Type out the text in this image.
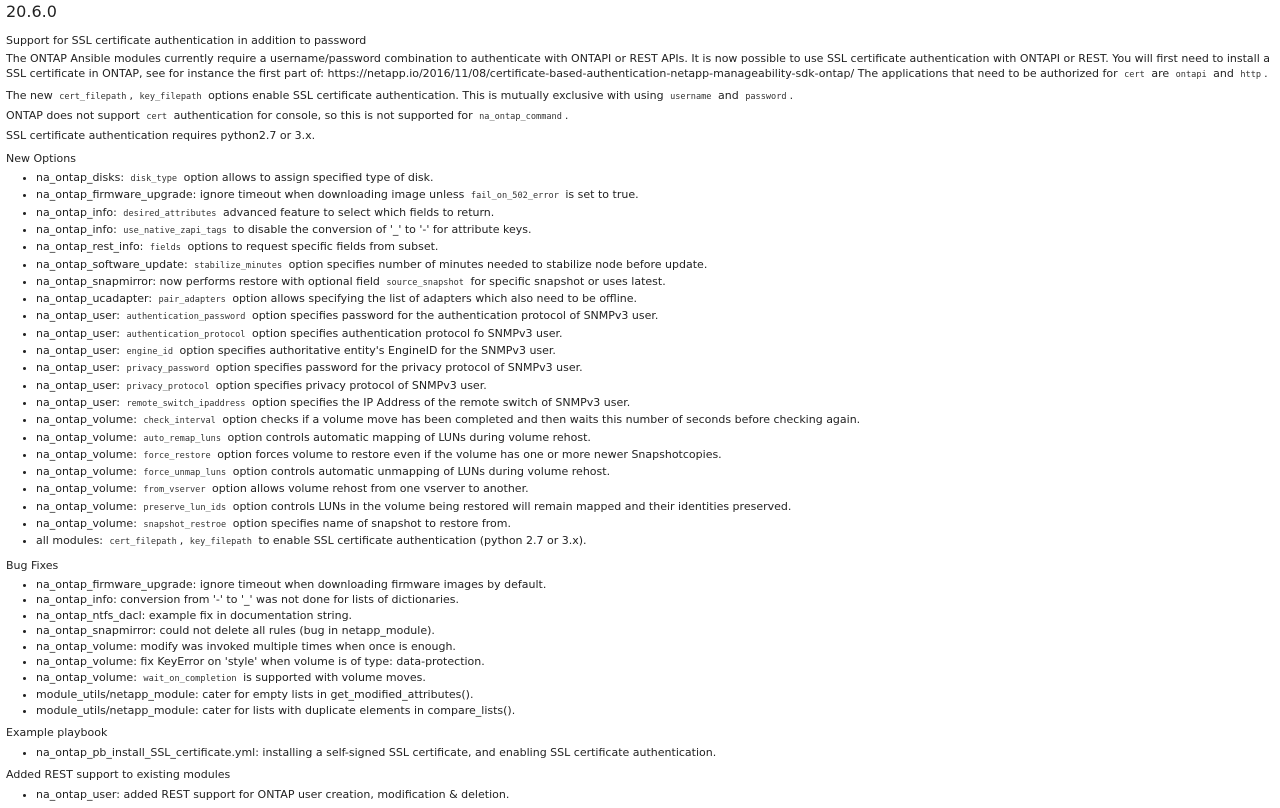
20.6.0
Support for SSL certificate authentication in addition to password

The ONTAP Ansible modules currently require a username/password combination to authenticate with ONTAPI or REST APIs. It is now possible to use SSL certificate authentication with ONTAPI or REST. You will first need to install a SSL certificate in ONTAP, see for instance the first part of: https://netapp.io/2016/11/08/certificate-based-authentication-netapp-manageability-sdk-ontap/ The applications that need to be authorized for cert are ontapi and http .

The new cert_filepath , key_filepath options enable SSL certificate authentication. This is mutually exclusive with using username and password .

ONTAP does not support cert authentication for console, so this is not supported for na_ontap_command .

SSL certificate authentication requires python2.7 or 3.x.

New Options
• na_ontap_disks: disk_type option allows to assign specified type of disk.
• na_ontap_firmware_upgrade: ignore timeout when downloading image unless fail_on_502_error is set to true.
• na_ontap_info: desired_attributes advanced feature to select which fields to return.
• na_ontap_info: use_native_zapi_tags to disable the conversion of '_' to '-' for attribute keys.
• na_ontap_rest_info: fields options to request specific fields from subset.
• na_ontap_software_update: stabilize_minutes option specifies number of minutes needed to stabilize node before update.
• na_ontap_snapmirror: now performs restore with optional field source_snapshot for specific snapshot or uses latest.
• na_ontap_ucadapter: pair_adapters option allows specifying the list of adapters which also need to be offline.
• na_ontap_user: authentication_password option specifies password for the authentication protocol of SNMPv3 user.
• na_ontap_user: authentication_protocol option specifies authentication protocol fo SNMPv3 user.
• na_ontap_user: engine_id option specifies authoritative entity's EngineID for the SNMPv3 user.
• na_ontap_user: privacy_password option specifies password for the privacy protocol of SNMPv3 user.
• na_ontap_user: privacy_protocol option specifies privacy protocol of SNMPv3 user.
• na_ontap_user: remote_switch_ipaddress option specifies the IP Address of the remote switch of SNMPv3 user.
• na_ontap_volume: check_interval option checks if a volume move has been completed and then waits this number of seconds before checking again.
• na_ontap_volume: auto_remap_luns option controls automatic mapping of LUNs during volume rehost.
• na_ontap_volume: force_restore option forces volume to restore even if the volume has one or more newer Snapshotcopies.
• na_ontap_volume: force_unmap_luns option controls automatic unmapping of LUNs during volume rehost.
• na_ontap_volume: from_vserver option allows volume rehost from one vserver to another.
• na_ontap_volume: preserve_lun_ids option controls LUNs in the volume being restored will remain mapped and their identities preserved.
• na_ontap_volume: snapshot_restroe option specifies name of snapshot to restore from.
• all modules: cert_filepath , key_filepath to enable SSL certificate authentication (python 2.7 or 3.x).
Bug Fixes
• na_ontap_firmware_upgrade: ignore timeout when downloading firmware images by default.
• na_ontap_info: conversion from '-' to '_' was not done for lists of dictionaries.
• na_ontap_ntfs_dacl: example fix in documentation string.
• na_ontap_snapmirror: could not delete all rules (bug in netapp_module).
• na_ontap_volume: modify was invoked multiple times when once is enough.
• na_ontap_volume: fix KeyError on 'style' when volume is of type: data-protection.
• na_ontap_volume: wait_on_completion is supported with volume moves.
• module_utils/netapp_module: cater for empty lists in get_modified_attributes().
• module_utils/netapp_module: cater for lists with duplicate elements in compare_lists().
Example playbook
• na_ontap_pb_install_SSL_certificate.yml: installing a self-signed SSL certificate, and enabling SSL certificate authentication.
Added REST support to existing modules
• na_ontap_user: added REST support for ONTAP user creation, modification & deletion.
